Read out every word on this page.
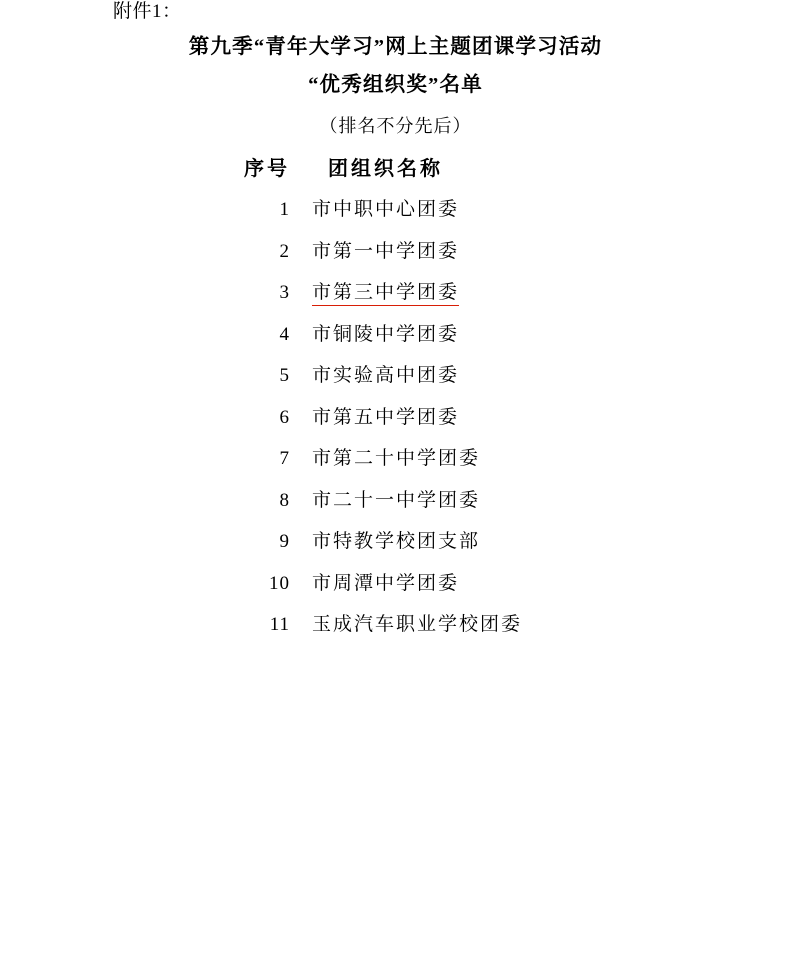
附件1：
第九季“青年大学习”网上主题团课学习活动
“优秀组织奖”名单
（排名不分先后）
序号	团组织名称
1	市中职中心团委
2	市第一中学团委
3	市第三中学团委
4	市铜陵中学团委
5	市实验高中团委
6	市第五中学团委
7	市第二十中学团委
8	市二十一中学团委
9	市特教学校团支部
10	市周潭中学团委
11	玉成汽车职业学校团委
